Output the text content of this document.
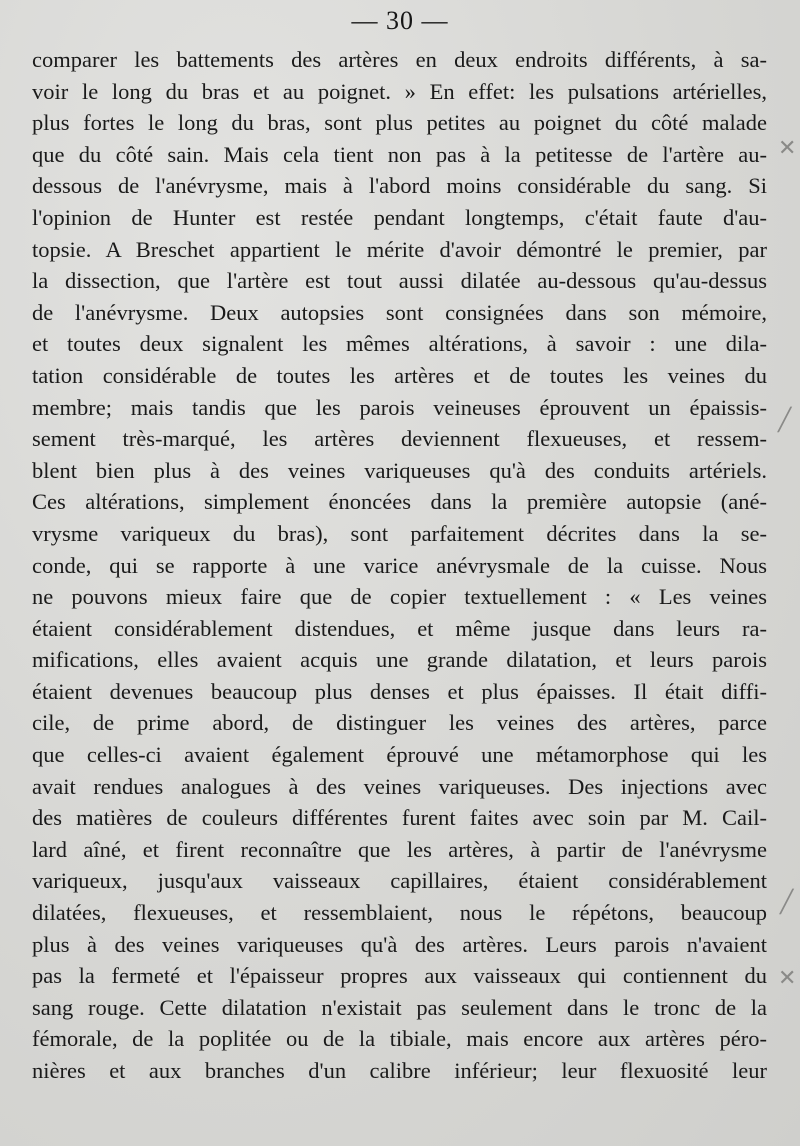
— 30 —
comparer les battements des artères en deux endroits différents, à sa-
voir le long du bras et au poignet. » En effet: les pulsations artérielles,
plus fortes le long du bras, sont plus petites au poignet du côté malade
que du côté sain. Mais cela tient non pas à la petitesse de l'artère au-
dessous de l'anévrysme, mais à l'abord moins considérable du sang. Si
l'opinion de Hunter est restée pendant longtemps, c'était faute d'au-
topsie. A Breschet appartient le mérite d'avoir démontré le premier, par
la dissection, que l'artère est tout aussi dilatée au-dessous qu'au-dessus
de l'anévrysme. Deux autopsies sont consignées dans son mémoire,
et toutes deux signalent les mêmes altérations, à savoir : une dila-
tation considérable de toutes les artères et de toutes les veines du
membre; mais tandis que les parois veineuses éprouvent un épaissis-
sement très-marqué, les artères deviennent flexueuses, et ressem-
blent bien plus à des veines variqueuses qu'à des conduits artériels.
Ces altérations, simplement énoncées dans la première autopsie (ané-
vrysme variqueux du bras), sont parfaitement décrites dans la se-
conde, qui se rapporte à une varice anévrysmale de la cuisse. Nous
ne pouvons mieux faire que de copier textuellement : « Les veines
étaient considérablement distendues, et même jusque dans leurs ra-
mifications, elles avaient acquis une grande dilatation, et leurs parois
étaient devenues beaucoup plus denses et plus épaisses. Il était diffi-
cile, de prime abord, de distinguer les veines des artères, parce
que celles-ci avaient également éprouvé une métamorphose qui les
avait rendues analogues à des veines variqueuses. Des injections avec
des matières de couleurs différentes furent faites avec soin par M. Cail-
lard aîné, et firent reconnaître que les artères, à partir de l'anévrysme
variqueux, jusqu'aux vaisseaux capillaires, étaient considérablement
dilatées, flexueuses, et ressemblaient, nous le répétons, beaucoup
plus à des veines variqueuses qu'à des artères. Leurs parois n'avaient
pas la fermeté et l'épaisseur propres aux vaisseaux qui contiennent du
sang rouge. Cette dilatation n'existait pas seulement dans le tronc de la
fémorale, de la poplitée ou de la tibiale, mais encore aux artères péro-
nières et aux branches d'un calibre inférieur; leur flexuosité leur
✕
╱
╱
✕
